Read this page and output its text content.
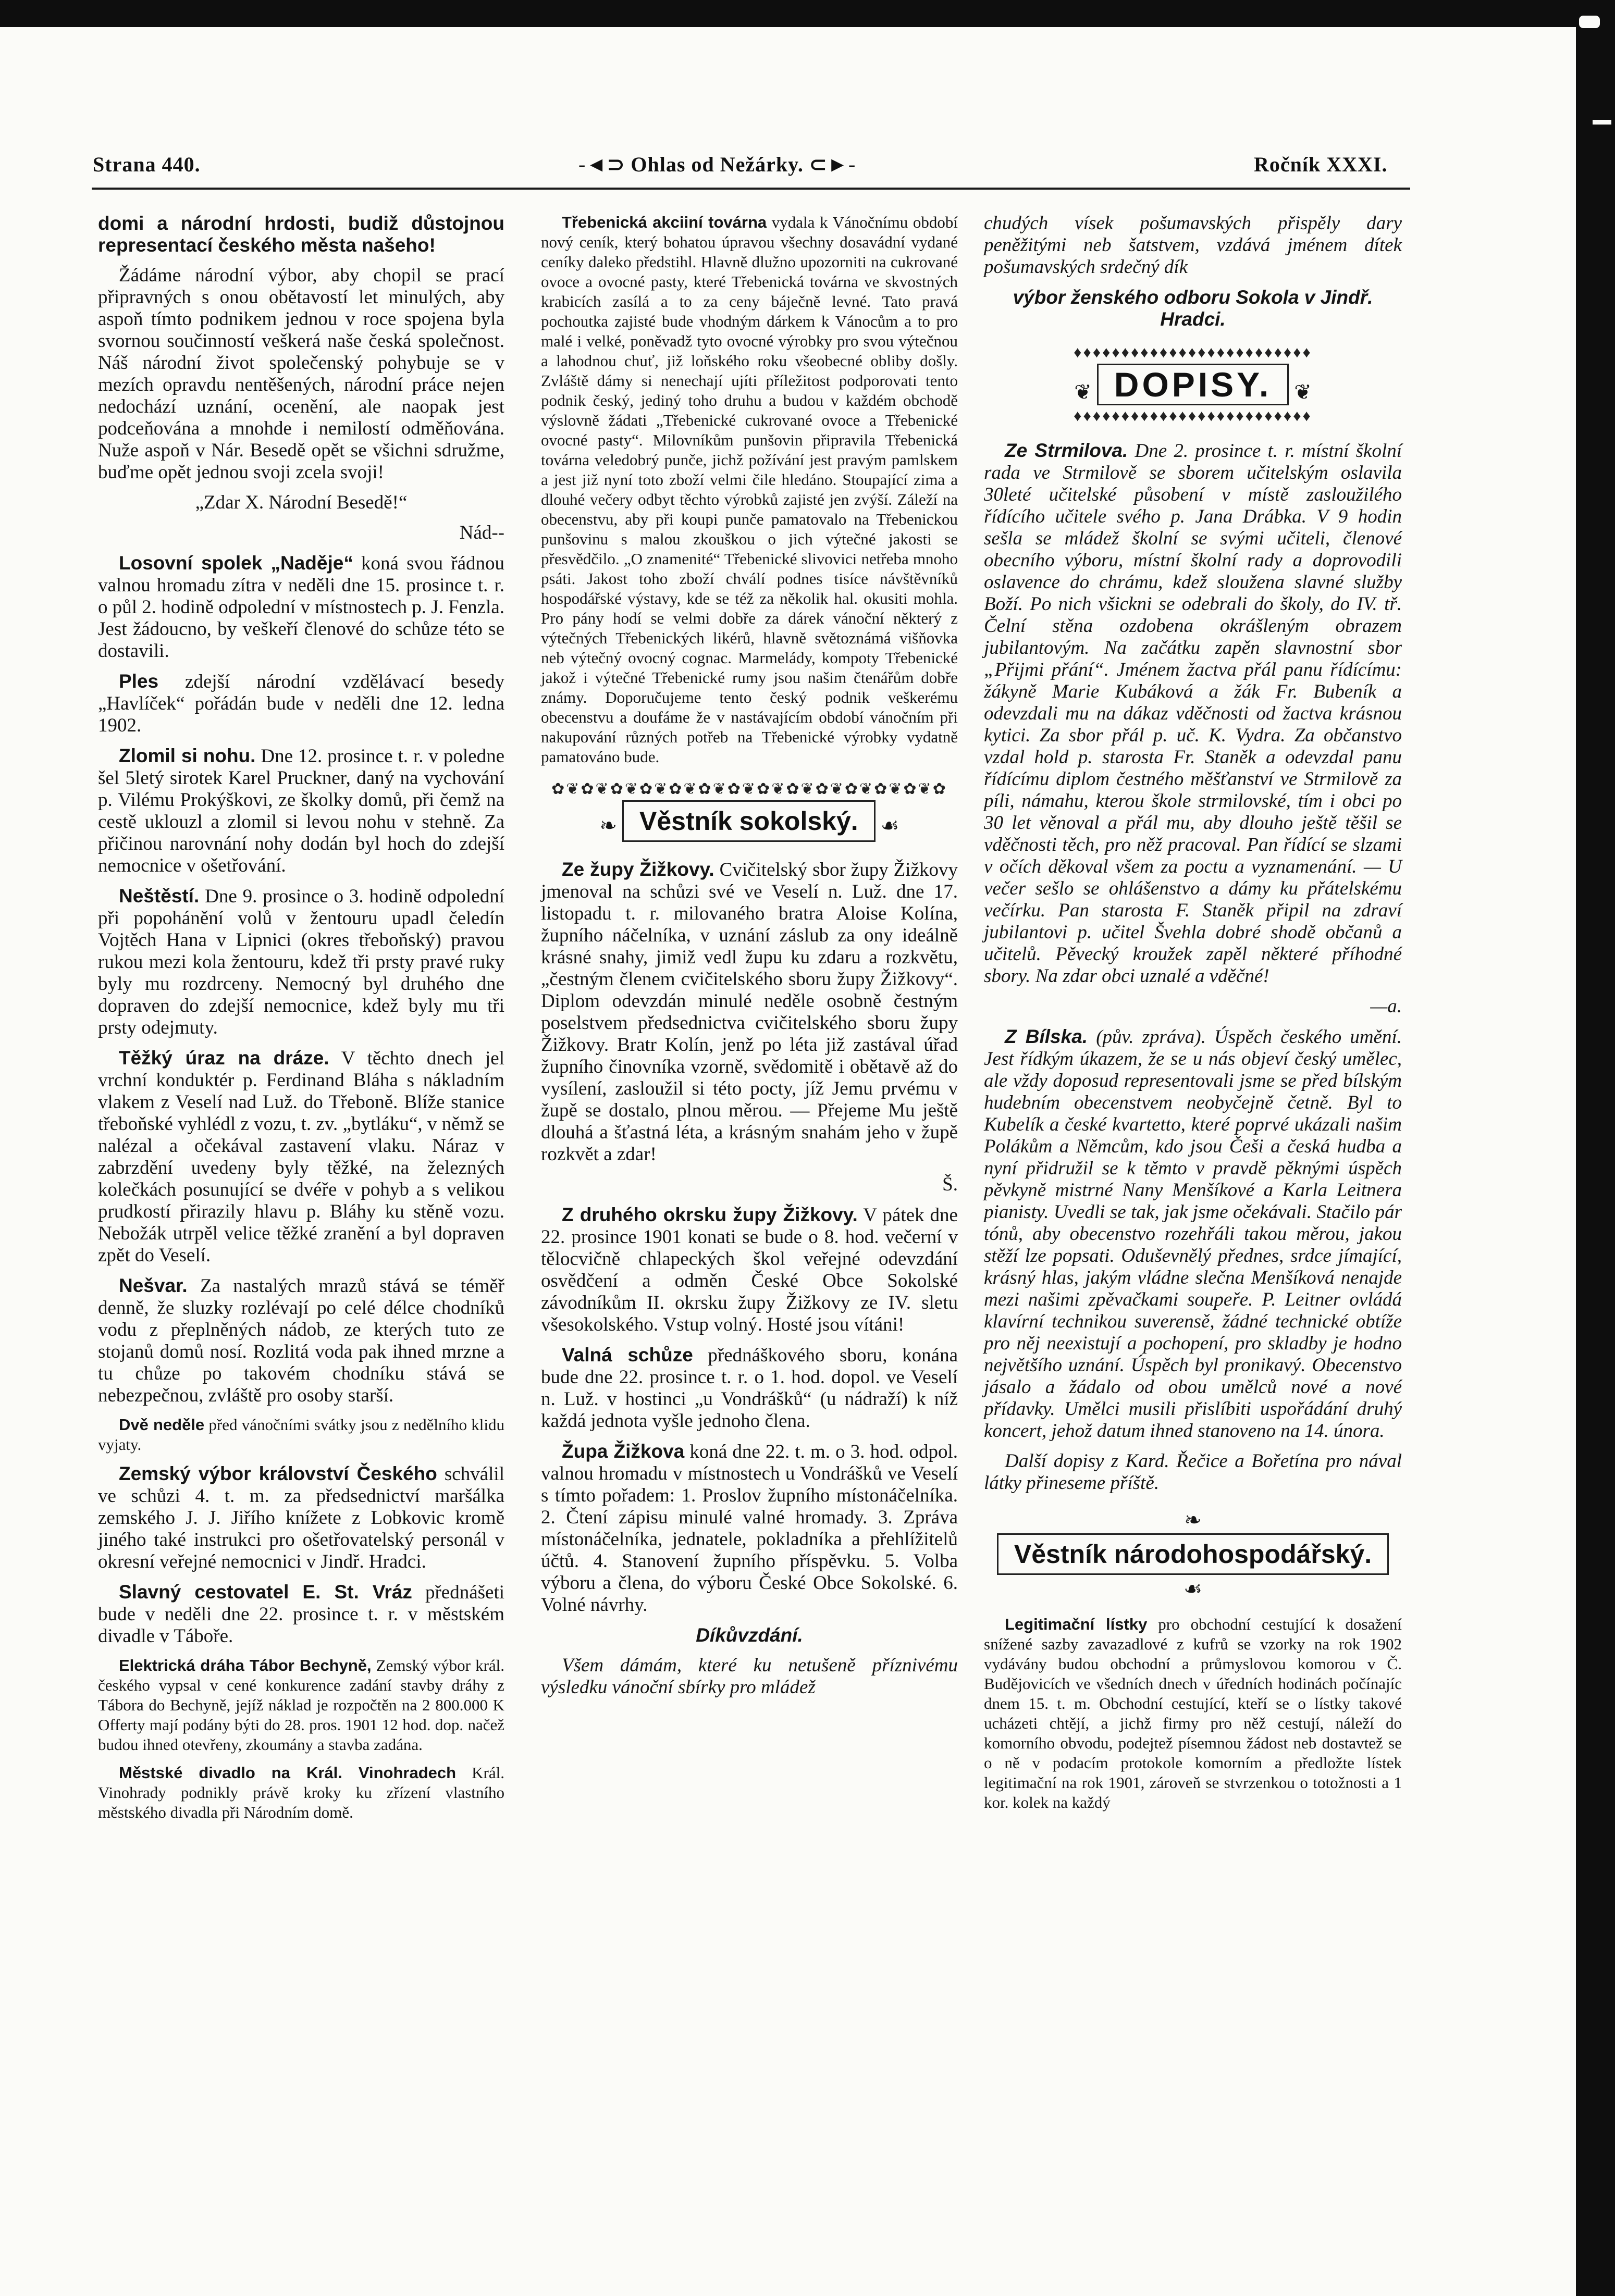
Strana 440.	-◄⊃ Ohlas od Nežárky. ⊂►-	Ročník XXXI.

domi a národní hrdosti, budiž důstojnou representací českého města našeho!

Žádáme národní výbor, aby chopil se prací připravných s onou obětavostí let minulých, aby aspoň tímto podnikem jednou v roce spojena byla svornou součinností veškerá naše česká společnost. Náš národní život společenský pohybuje se v mezích opravdu nentěšených, národní práce nejen nedochází uznání, ocenění, ale naopak jest podceňována a mnohde i nemilostí odměňována. Nuže aspoň v Nár. Besedě opět se všichni sdružme, buďme opět jednou svoji zcela svoji!

„Zdar X. Národní Besedě!“

Nád--

Losovní spolek „Naděje“ koná svou řádnou valnou hromadu zítra v neděli dne 15. prosince t. r. o půl 2. hodině odpolední v místnostech p. J. Fenzla. Jest žádoucno, by veškeří členové do schůze této se dostavili.

Ples zdejší národní vzdělávací besedy „Havlíček“ pořádán bude v neděli dne 12. ledna 1902.

Zlomil si nohu. Dne 12. prosince t. r. v poledne šel 5letý sirotek Karel Pruckner, daný na vychování p. Vilému Prokýškovi, ze školky domů, při čemž na cestě uklouzl a zlomil si levou nohu v stehně. Za přičinou narovnání nohy dodán byl hoch do zdejší nemocnice v ošetřování.

Neštěstí. Dne 9. prosince o 3. hodině odpolední při popohánění volů v žentouru upadl čeledín Vojtěch Hana v Lipnici (okres třeboňský) pravou rukou mezi kola žentouru, kdež tři prsty pravé ruky byly mu rozdrceny. Nemocný byl druhého dne dopraven do zdejší nemocnice, kdež byly mu tři prsty odejmuty.

Těžký úraz na dráze. V těchto dnech jel vrchní konduktér p. Ferdinand Bláha s nákladním vlakem z Veselí nad Luž. do Třeboně. Blíže stanice třeboňské vyhlédl z vozu, t. zv. „bytláku“, v němž se nalézal a očekával zastavení vlaku. Náraz v zabrzdění uvedeny byly těžké, na železných kolečkách posunující se dvéře v pohyb a s velikou prudkostí přirazily hlavu p. Bláhy ku stěně vozu. Nebožák utrpěl velice těžké zranění a byl dopraven zpět do Veselí.

Nešvar. Za nastalých mrazů stává se téměř denně, že sluzky rozlévají po celé délce chodníků vodu z přeplněných nádob, ze kterých tuto ze stojanů domů nosí. Rozlitá voda pak ihned mrzne a tu chůze po takovém chodníku stává se nebezpečnou, zvláště pro osoby starší.

Dvě neděle před vánočními svátky jsou z nedělního klidu vyjaty.

Zemský výbor království Českého schválil ve schůzi 4. t. m. za předsednictví maršálka zemského J. J. Jiřího knížete z Lobkovic kromě jiného také instrukci pro ošetřovatelský personál v okresní veřejné nemocnici v Jindř. Hradci.

Slavný cestovatel E. St. Vráz přednášeti bude v neděli dne 22. prosince t. r. v městském divadle v Táboře.

Elektrická dráha Tábor Bechyně, Zemský výbor král. českého vypsal v cené konkurence zadání stavby dráhy z Tábora do Bechyně, jejíž náklad je rozpočtěn na 2 800.000 K Offerty mají podány býti do 28. pros. 1901 12 hod. dop. načež budou ihned otevřeny, zkoumány a stavba zadána.

Městské divadlo na Král. Vinohradech Král. Vinohrady podnikly právě kroky ku zřízení vlastního městského divadla při Národním domě.

Třebenická akciiní továrna vydala k Vánočnímu období nový ceník, který bohatou úpravou všechny dosavádní vydané ceníky daleko předstihl. Hlavně dlužno upozorniti na cukrované ovoce a ovocné pasty, které Třebenická továrna ve skvostných krabicích zasílá a to za ceny báječně levné. Tato pravá pochoutka zajisté bude vhodným dárkem k Vánocům a to pro malé i velké, poněvadž tyto ovocné výrobky pro svou výtečnou a lahodnou chuť, již loňského roku všeobecné obliby došly. Zvláště dámy si nenechají ujíti příležitost podporovati tento podnik český, jediný toho druhu a budou v každém obchodě výslovně žádati „Třebenické cukrované ovoce a Třebenické ovocné pasty“. Milovníkům punšovin připravila Třebenická továrna veledobrý punče, jichž požívání jest pravým pamlskem a jest již nyní toto zboží velmi čile hledáno. Stoupající zima a dlouhé večery odbyt těchto výrobků zajisté jen zvýší. Záleží na obecenstvu, aby při koupi punče pamatovalo na Třebenickou punšovinu s malou zkouškou o jich výtečné jakosti se přesvědčilo. „O znamenité“ Třebenické slivovici netřeba mnoho psáti. Jakost toho zboží chválí podnes tisíce návštěvníků hospodářské výstavy, kde se též za několik hal. okusiti mohla. Pro pány hodí se velmi dobře za dárek vánoční některý z výtečných Třebenických likérů, hlavně světoznámá višňovka neb výtečný ovocný cognac. Marmelády, kompoty Třebenické jakož i výtečné Třebenické rumy jsou našim čtenářům dobře známy. Doporučujeme tento český podnik veškerému obecenstvu a doufáme že v nastávajícím období vánočním při nakupování různých potřeb na Třebenické výrobky vydatně pamatováno bude.

✿❦✿❦✿❦✿❦✿❦✿❦✿❦✿❦✿❦✿❦✿❦✿❦✿❦✿
❧ Věstník sokolský. ☙

Ze župy Žižkovy. Cvičitelský sbor župy Žižkovy jmenoval na schůzi své ve Veselí n. Luž. dne 17. listopadu t. r. milovaného bratra Aloise Kolína, župního náčelníka, v uznání záslub za ony ideálně krásné snahy, jimiž vedl župu ku zdaru a rozkvětu, „čestným členem cvičitelského sboru župy Žižkovy“. Diplom odevzdán minulé neděle osobně čestným poselstvem předsednictva cvičitelského sboru župy Žižkovy. Bratr Kolín, jenž po léta již zastával úřad župního činovníka vzorně, svědomitě i obětavě až do vysílení, zasloužil si této pocty, jíž Jemu prvému v župě se dostalo, plnou měrou. — Přejeme Mu ještě dlouhá a šťastná léta, a krásným snahám jeho v župě rozkvět a zdar!

Š.

Z druhého okrsku župy Žižkovy. V pátek dne 22. prosince 1901 konati se bude o 8. hod. večerní v tělocvičně chlapeckých škol veřejné odevzdání osvědčení a odměn České Obce Sokolské závodníkům II. okrsku župy Žižkovy ze IV. sletu všesokolského. Vstup volný. Hosté jsou vítáni!

Valná schůze přednáškového sboru, konána bude dne 22. prosince t. r. o 1. hod. dopol. ve Veselí n. Luž. v hostinci „u Vondrášků“ (u nádraží) k níž každá jednota vyšle jednoho člena.

Župa Žižkova koná dne 22. t. m. o 3. hod. odpol. valnou hromadu v místnostech u Vondrášků ve Veselí s tímto pořadem: 1. Proslov župního místonáčelníka. 2. Čtení zápisu minulé valné hromady. 3. Zpráva místonáčelníka, jednatele, pokladníka a přehlížitelů účtů. 4. Stanovení župního příspěvku. 5. Volba výboru a člena, do výboru České Obce Sokolské. 6. Volné návrhy.

Díkůvzdání.

Všem dámám, které ku netušeně příznivému výsledku vánoční sbírky pro mládež

chudých vísek pošumavských přispěly dary peněžitými neb šatstvem, vzdává jménem dítek pošumavských srdečný dík

výbor ženského odboru Sokola v Jindř. Hradci.

♦♦♦♦♦♦♦♦♦♦♦♦♦♦♦♦♦♦♦♦♦♦♦♦♦
❦ DOPISY. ❦
♦♦♦♦♦♦♦♦♦♦♦♦♦♦♦♦♦♦♦♦♦♦♦♦♦

Ze Strmilova. Dne 2. prosince t. r. místní školní rada ve Strmilově se sborem učitelským oslavila 30leté učitelské působení v místě zasloužilého řídícího učitele svého p. Jana Drábka. V 9 hodin sešla se mládež školní se svými učiteli, členové obecního výboru, místní školní rady a doprovodili oslavence do chrámu, kdež sloužena slavné služby Boží. Po nich všickni se odebrali do školy, do IV. tř. Čelní stěna ozdobena okrášleným obrazem jubilantovým. Na začátku zapěn slavnostní sbor „Přijmi přání“. Jménem žactva přál panu řídícímu: žákyně Marie Kubáková a žák Fr. Bubeník a odevzdali mu na dákaz vděčnosti od žactva krásnou kytici. Za sbor přál p. uč. K. Vydra. Za občanstvo vzdal hold p. starosta Fr. Staněk a odevzdal panu řídícímu diplom čestného měšťanství ve Strmilově za píli, námahu, kterou škole strmilovské, tím i obci po 30 let věnoval a přál mu, aby dlouho ještě těšil se vděčnosti těch, pro něž pracoval. Pan řídící se slzami v očích děkoval všem za poctu a vyznamenání. — U večer sešlo se ohlášenstvo a dámy ku přátelskému večírku. Pan starosta F. Staněk připil na zdraví jubilantovi p. učitel Švehla dobré shodě občanů a učitelů. Pěvecký kroužek zapěl některé příhodné sbory. Na zdar obci uznalé a vděčné!

—a.

Z Bílska. (pův. zpráva). Úspěch českého umění. Jest řídkým úkazem, že se u nás objeví český umělec, ale vždy doposud representovali jsme se před bílským hudebním obecenstvem neobyčejně četně. Byl to Kubelík a české kvartetto, které poprvé ukázali našim Polákům a Němcům, kdo jsou Češi a česká hudba a nyní přidružil se k těmto v pravdě pěknými úspěch pěvkyně mistrné Nany Menšíkové a Karla Leitnera pianisty. Uvedli se tak, jak jsme očekávali. Stačilo pár tónů, aby obecenstvo rozehřáli takou měrou, jakou stěží lze popsati. Oduševnělý přednes, srdce jímající, krásný hlas, jakým vládne slečna Menšíková nenajde mezi našimi zpěvačkami soupeře. P. Leitner ovládá klavírní technikou suverensě, žádné technické obtíže pro něj neexistují a pochopení, pro skladby je hodno největšího uznání. Úspěch byl pronikavý. Obecenstvo jásalo a žádalo od obou umělců nové a nové přídavky. Umělci musili přislíbiti uspořádání druhý koncert, jehož datum ihned stanoveno na 14. února.

Další dopisy z Kard. Řečice a Bořetína pro nával látky přineseme příště.

❧Věstník národohospodářský.☙

Legitimační lístky pro obchodní cestující k dosažení snížené sazby zavazadlové z kufrů se vzorky na rok 1902 vydávány budou obchodní a průmyslovou komorou v Č. Budějovicích ve všedních dnech v úředních hodinách počínajíc dnem 15. t. m. Obchodní cestující, kteří se o lístky takové ucházeti chtějí, a jichž firmy pro něž cestují, náleží do komorního obvodu, podejtež písemnou žádost neb dostavtež se o ně v podacím protokole komorním a předložte lístek legitimační na rok 1901, zároveň se stvrzenkou o totožnosti a 1 kor. kolek na každý
